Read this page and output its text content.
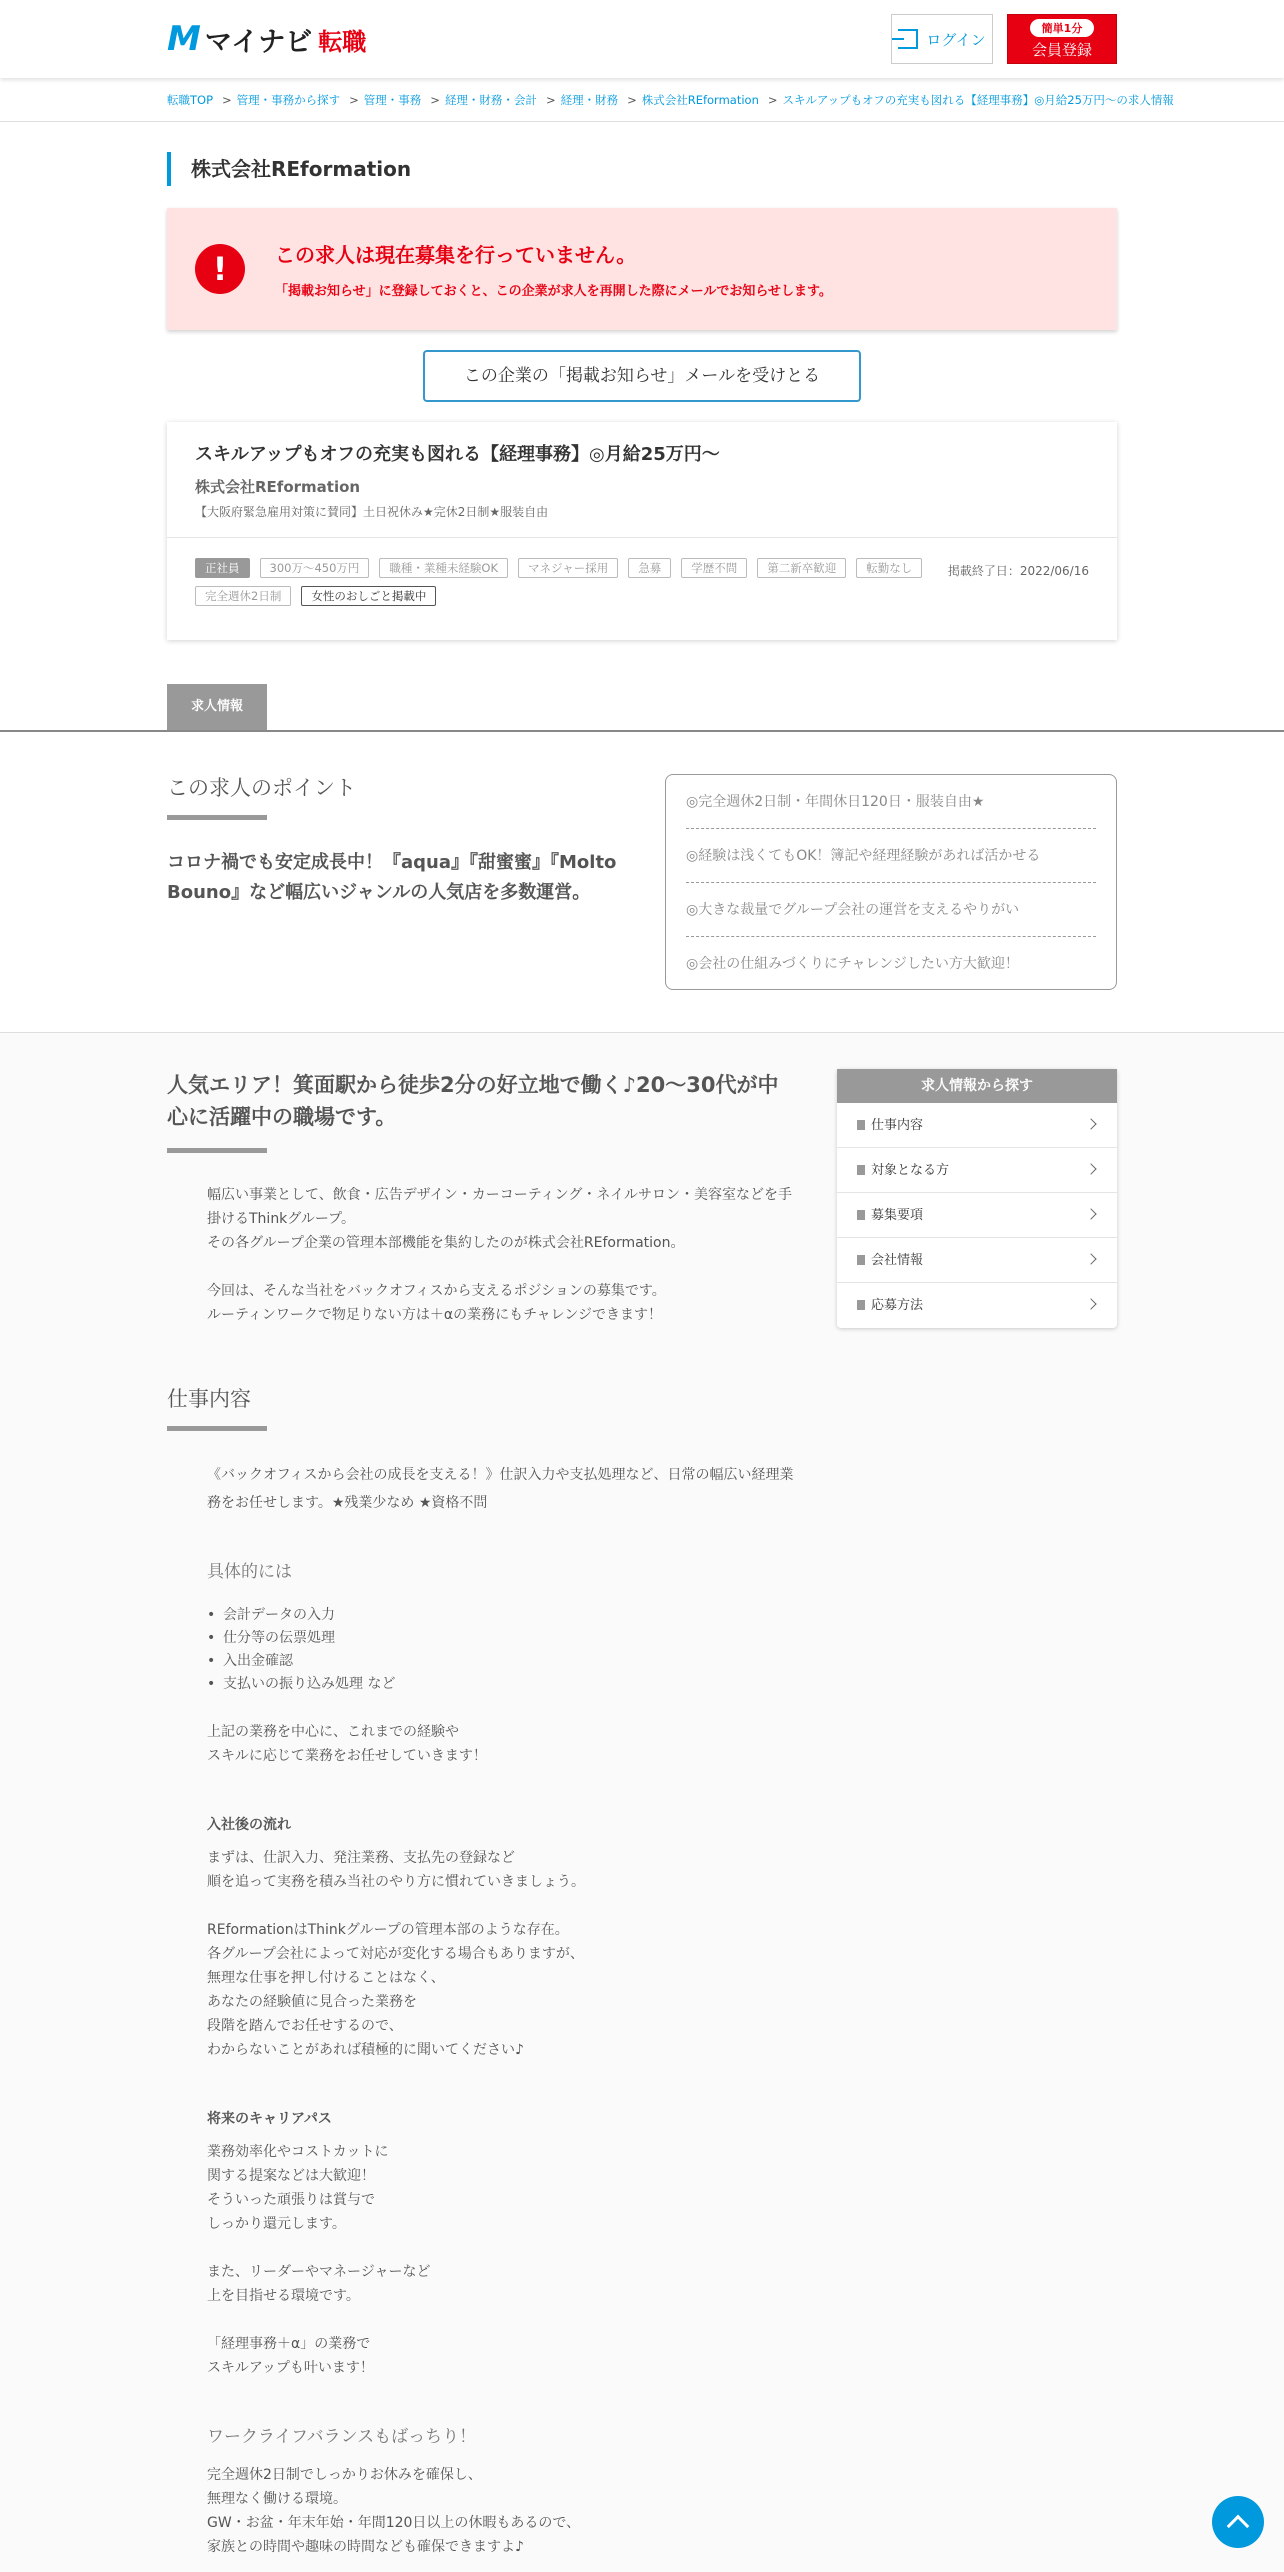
M マイナビ 転職	ログイン
簡単1分
会員登録
転職TOP > 管理・事務から探す > 管理・事務 > 経理・財務・会計 > 経理・財務 > 株式会社REformation > スキルアップもオフの充実も図れる【経理事務】◎月給25万円～の求人情報
株式会社REformation
!	この求人は現在募集を行っていません。

「掲載お知らせ」に登録しておくと、この企業が求人を再開した際にメールでお知らせします。

この企業の「掲載お知らせ」メールを受けとる
スキルアップもオフの充実も図れる【経理事務】◎月給25万円～
株式会社REformation
【大阪府緊急雇用対策に賛同】土日祝休み★完休2日制★服装自由
正社員	300万～450万円	職種・業種未経験OK	マネジャー採用	急募	学歴不問	第二新卒歓迎	転勤なし
完全週休2日制	女性のおしごと掲載中
掲載終了日：2022/06/16
求人情報
この求人のポイント
コロナ禍でも安定成長中！『aqua』『甜蜜蜜』『Molto Bouno』など幅広いジャンルの人気店を多数運営。
◎完全週休2日制・年間休日120日・服装自由★
◎経験は浅くてもOK！簿記や経理経験があれば活かせる
◎大きな裁量でグループ会社の運営を支えるやりがい
◎会社の仕組みづくりにチャレンジしたい方大歓迎！
人気エリア！箕面駅から徒歩2分の好立地で働く♪20～30代が中心に活躍中の職場です。
幅広い事業として、飲食・広告デザイン・カーコーティング・ネイルサロン・美容室などを手掛けるThinkグループ。
その各グループ企業の管理本部機能を集約したのが株式会社REformation。

今回は、そんな当社をバックオフィスから支えるポジションの募集です。
ルーティンワークで物足りない方は＋αの業務にもチャレンジできます！
仕事内容
《バックオフィスから会社の成長を支える！》仕訳入力や支払処理など、日常の幅広い経理業務をお任せします。★残業少なめ ★資格不問
具体的には
• 会計データの入力
• 仕分等の伝票処理
• 入出金確認
• 支払いの振り込み処理 など
上記の業務を中心に、これまでの経験や
スキルに応じて業務をお任せしていきます！
入社後の流れ
まずは、仕訳入力、発注業務、支払先の登録など
順を追って実務を積み当社のやり方に慣れていきましょう。

REformationはThinkグループの管理本部のような存在。
各グループ会社によって対応が変化する場合もありますが、
無理な仕事を押し付けることはなく、
あなたの経験値に見合った業務を
段階を踏んでお任せするので、
わからないことがあれば積極的に聞いてください♪
将来のキャリアパス
業務効率化やコストカットに
関する提案などは大歓迎！
そういった頑張りは賞与で
しっかり還元します。

また、リーダーやマネージャーなど
上を目指せる環境です。

「経理事務＋α」の業務で
スキルアップも叶います！
ワークライフバランスもばっちり！
完全週休2日制でしっかりお休みを確保し、
無理なく働ける環境。
GW・お盆・年末年始・年間120日以上の休暇もあるので、
家族との時間や趣味の時間なども確保できますよ♪
求人情報から探す
仕事内容
対象となる方
募集要項
会社情報
応募方法
